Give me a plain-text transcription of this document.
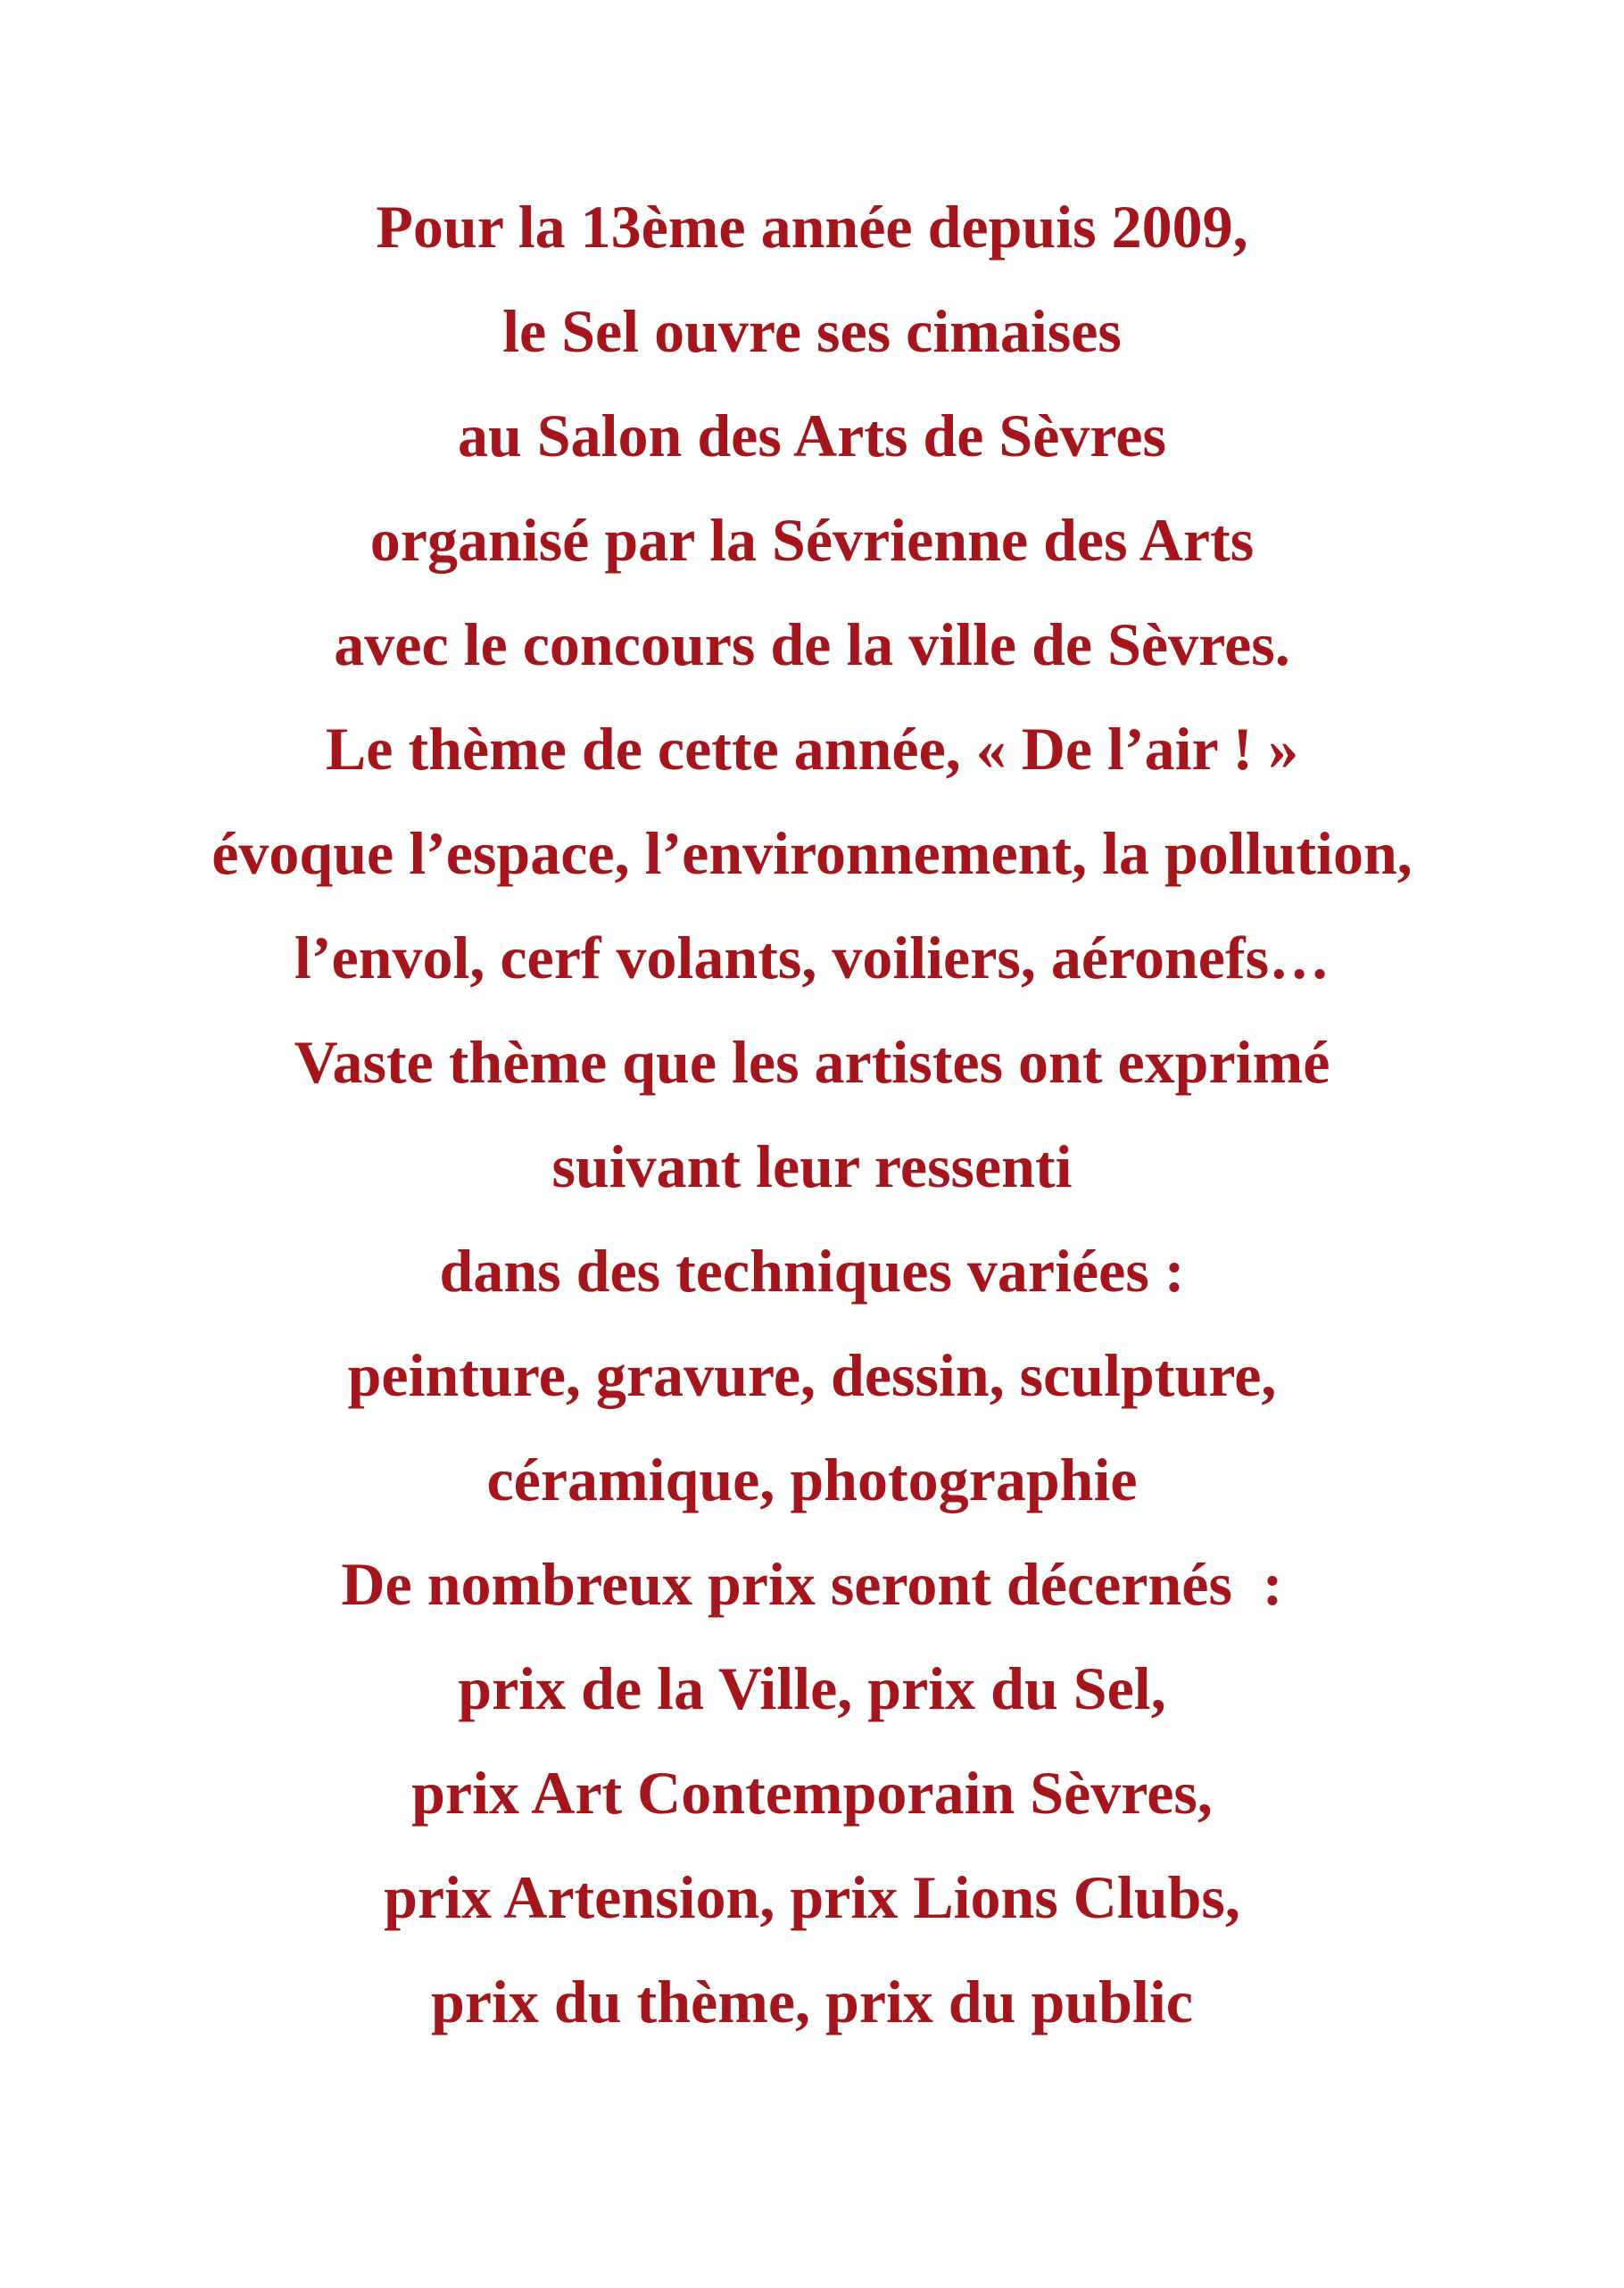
Pour la 13ème année depuis 2009,
le Sel ouvre ses cimaises
au Salon des Arts de Sèvres
organisé par la Sévrienne des Arts
avec le concours de la ville de Sèvres.
Le thème de cette année, « De l’air ! »
évoque l’espace, l’environnement, la pollution,
l’envol, cerf volants, voiliers, aéronefs…
Vaste thème que les artistes ont exprimé
suivant leur ressenti
dans des techniques variées :
peinture, gravure, dessin, sculpture,
céramique, photographie
De nombreux prix seront décernés  :
prix de la Ville, prix du Sel,
prix Art Contemporain Sèvres,
prix Artension, prix Lions Clubs,
prix du thème, prix du public
